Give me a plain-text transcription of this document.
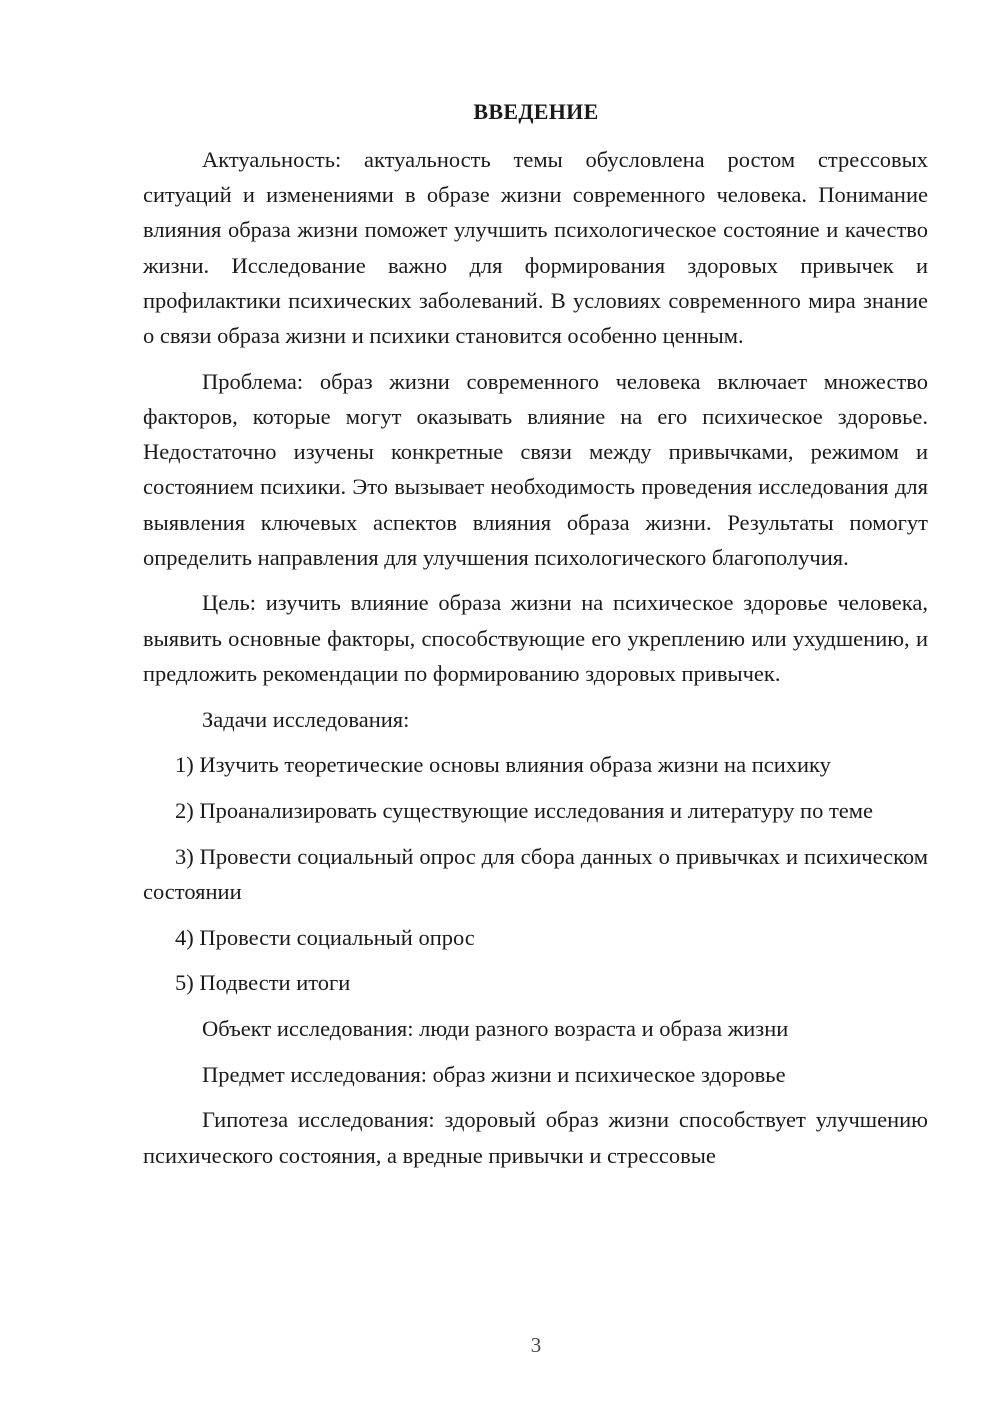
ВВЕДЕНИЕ

Актуальность: актуальность темы обусловлена ростом стрессовых ситуаций и изменениями в образе жизни современного человека. Понимание влияния образа жизни поможет улучшить психологическое состояние и качество жизни. Исследование важно для формирования здоровых привычек и профилактики психических заболеваний. В условиях современного мира знание о связи образа жизни и психики становится особенно ценным.

Проблема: образ жизни современного человека включает множество факторов, которые могут оказывать влияние на его психическое здоровье. Недостаточно изучены конкретные связи между привычками, режимом и состоянием психики. Это вызывает необходимость проведения исследования для выявления ключевых аспектов влияния образа жизни. Результаты помогут определить направления для улучшения психологического благополучия.

Цель: изучить влияние образа жизни на психическое здоровье человека, выявить основные факторы, способствующие его укреплению или ухудшению, и предложить рекомендации по формированию здоровых привычек.

Задачи исследования:

1) Изучить теоретические основы влияния образа жизни на психику

2) Проанализировать существующие исследования и литературу по теме

3) Провести социальный опрос для сбора данных о привычках и психическом состоянии

4) Провести социальный опрос

5) Подвести итоги

Объект исследования: люди разного возраста и образа жизни

Предмет исследования: образ жизни и психическое здоровье

Гипотеза исследования: здоровый образ жизни способствует улучшению психического состояния, а вредные привычки и стрессовые

3
